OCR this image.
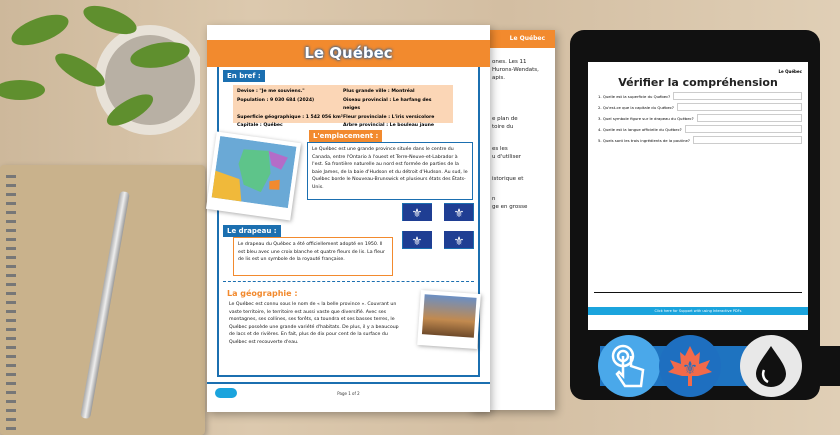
Le Québec
ones. Les 11
Hurons-Wendats,
apis.
e plan de
toire du
es les
u d'utiliser
istorique et
n
ge en grosse
Le Québec
En bref :
Devise : "Je me souviens."	Plus grande ville : Montréal
Population : 9 030 684 (2024)	Oiseau provincial : Le harfang des neiges
Superficie géographique : 1 542 056 km² Fleur provinciale : L'iris versicolore
Capitale : Québec	Arbre provincial : Le bouleau jaune
L'emplacement :
Le Québec est une grande province située dans le centre du Canada, entre l'Ontario à l'ouest et Terre-Neuve-et-Labrador à l'est. Sa frontière naturelle au nord est formée de parties de la baie James, de la baie d'Hudson et du détroit d'Hudson. Au sud, le Québec borde le Nouveau-Brunswick et plusieurs états des États-Unis.
⚜	⚜
⚜	⚜
Le drapeau :
Le drapeau du Québec a été officiellement adopté en 1950. Il est bleu avec une croix blanche et quatre fleurs de lis. La fleur de lis est un symbole de la royauté française.
La géographie :
Le Québec est connu sous le nom de « la belle province ». Couvrant un vaste territoire, le territoire est aussi vaste que diversifié. Avec ses montagnes, ses collines, ses forêts, sa toundra et ses basses terres, le Québec possède une grande variété d'habitats. De plus, il y a beaucoup de lacs et de rivières. En fait, plus de dix pour cent de la surface du Québec est recouverte d'eau.
Page 1 of 2
Le Québec
Vérifier la compréhension
1. Quelle est la superficie du Québec?
2. Qu'est-ce que la capitale du Québec?
3. Quel symbole figure sur le drapeau du Québec?
4. Quelle est la langue officielle du Québec?
5. Quels sont les trois ingrédients de la poutine?
Click here for Support with using Interactive PDFs
⚜
